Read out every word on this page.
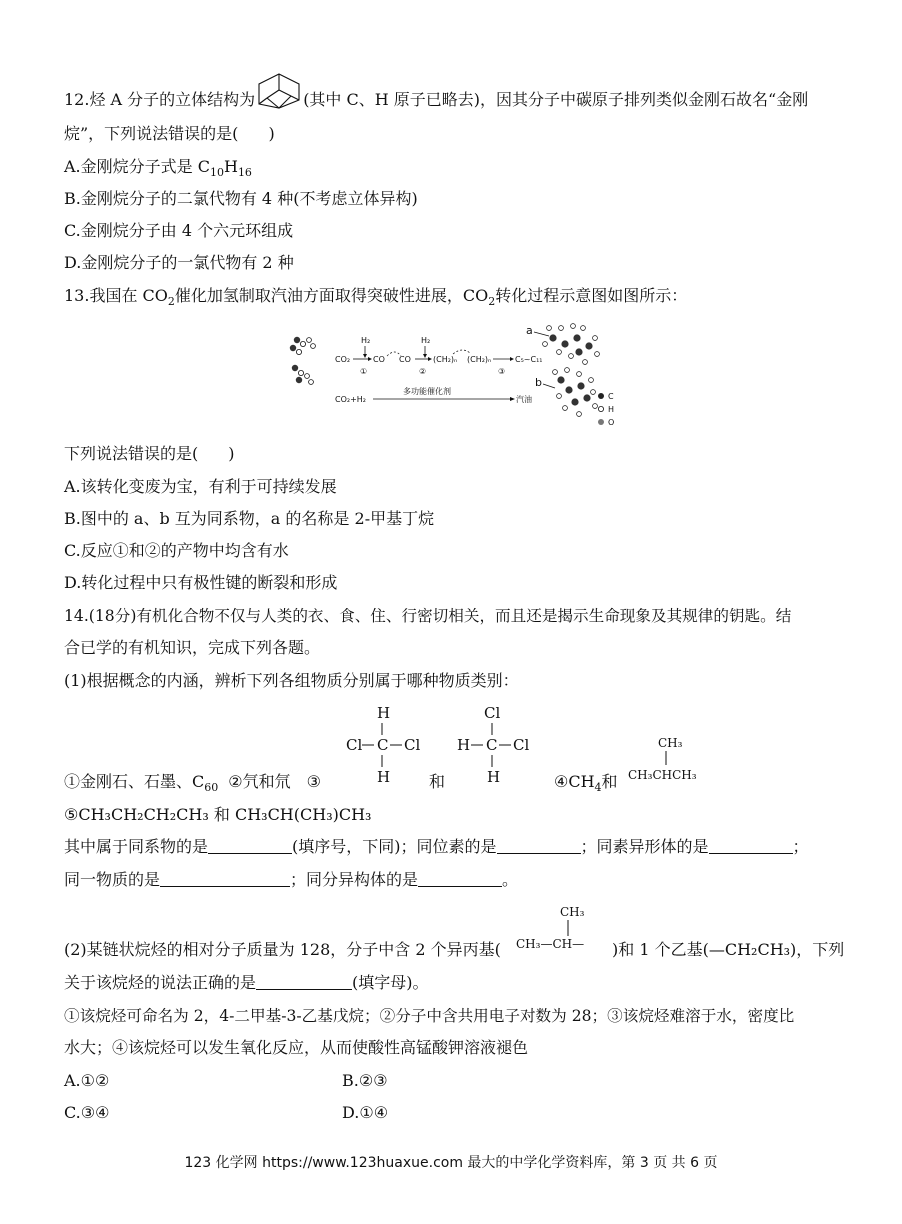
12.烃 A 分子的立体结构为	(其中 C、H 原子已略去)，因其分子中碳原子排列类似金刚石故名“金刚
烷”，下列说法错误的是( )
A.金刚烷分子式是 $C_{10}H_{16}$
B.金刚烷分子的二氯代物有 4 种(不考虑立体异构)
C.金刚烷分子由 4 个六元环组成
D.金刚烷分子的一氯代物有 2 种
13.我国在 $CO_2$催化加氢制取汽油方面取得突破性进展，$CO_2$转化过程示意图如图所示：
H₂
CO₂	CO
①
CO
H₂
②
(CH₂)ₙ (CH₂)ₙ
③
C₅~C₁₁
CO₂+H₂
多功能催化剂
汽油
a
b
C
H
O
下列说法错误的是( )
A.该转化变废为宝，有利于可持续发展
B.图中的 a、b 互为同系物，a 的名称是 2-甲基丁烷
C.反应①和②的产物中均含有水
D.转化过程中只有极性键的断裂和形成
14.(18分)有机化合物不仅与人类的衣、食、住、行密切相关，而且还是揭示生命现象及其规律的钥匙。结
合已学的有机知识，完成下列各题。
(1)根据概念的内涵，辨析下列各组物质分别属于哪种物质类别：
H
Cl C Cl
H
Cl
H C Cl
H
CH₃
CH₃CHCH₃
①金刚石、石墨、$C_{60}$ ②氕和氘 ③	和	$④CH_4$和
⑤CH₃CH₂CH₂CH₃ 和 CH₃CH(CH₃)CH₃
其中属于同系物的是	(填序号，下同)；同位素的是	；同素异形体的是	；
同一物质的是	；同分异构体的是	。
(2)某链状烷烃的相对分子质量为 128，分子中含 2 个异丙基(
CH₃
CH₃—CH— )和 1 个乙基(—CH₂CH₃)，下列
关于该烷烃的说法正确的是	(填字母)。
①该烷烃可命名为 2，4-二甲基-3-乙基戊烷；②分子中含共用电子对数为 28；③该烷烃难溶于水，密度比
水大；④该烷烃可以发生氧化反应，从而使酸性高锰酸钾溶液褪色
A.①②	B.②③
C.③④	D.①④
123 化学网 https://www.123huaxue.com 最大的中学化学资料库，第 3 页 共 6 页
